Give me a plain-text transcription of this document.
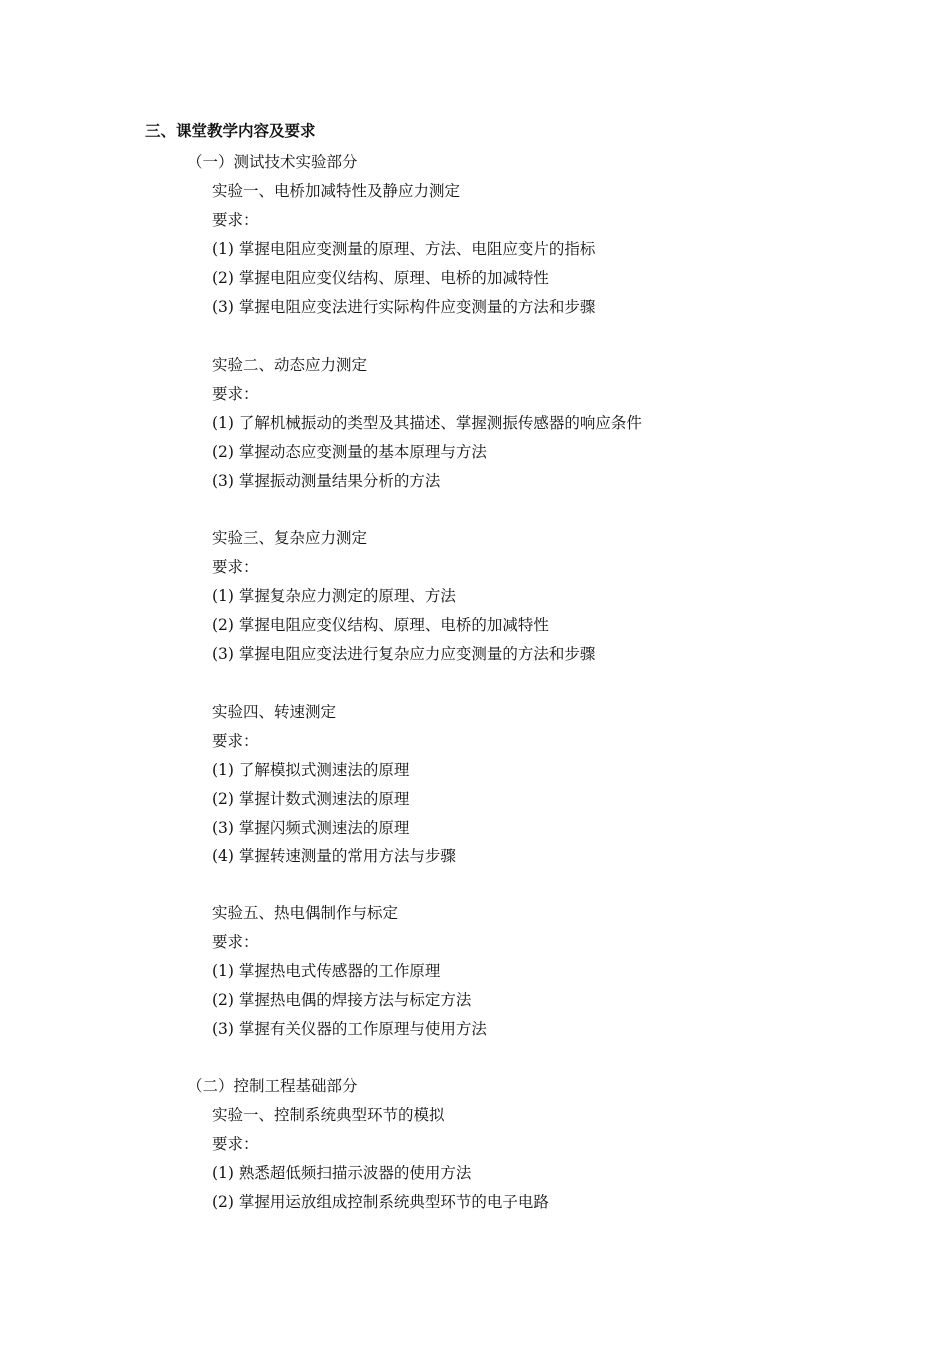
三、课堂教学内容及要求
（一）测试技术实验部分
实验一、电桥加减特性及静应力测定
要求：
(1) 掌握电阻应变测量的原理、方法、电阻应变片的指标
(2) 掌握电阻应变仪结构、原理、电桥的加减特性
(3) 掌握电阻应变法进行实际构件应变测量的方法和步骤
实验二、动态应力测定
要求：
(1) 了解机械振动的类型及其描述、掌握测振传感器的响应条件
(2) 掌握动态应变测量的基本原理与方法
(3) 掌握振动测量结果分析的方法
实验三、复杂应力测定
要求：
(1) 掌握复杂应力测定的原理、方法
(2) 掌握电阻应变仪结构、原理、电桥的加减特性
(3) 掌握电阻应变法进行复杂应力应变测量的方法和步骤
实验四、转速测定
要求：
(1) 了解模拟式测速法的原理
(2) 掌握计数式测速法的原理
(3) 掌握闪频式测速法的原理
(4) 掌握转速测量的常用方法与步骤
实验五、热电偶制作与标定
要求：
(1) 掌握热电式传感器的工作原理
(2) 掌握热电偶的焊接方法与标定方法
(3) 掌握有关仪器的工作原理与使用方法
（二）控制工程基础部分
实验一、控制系统典型环节的模拟
要求：
(1) 熟悉超低频扫描示波器的使用方法
(2) 掌握用运放组成控制系统典型环节的电子电路
